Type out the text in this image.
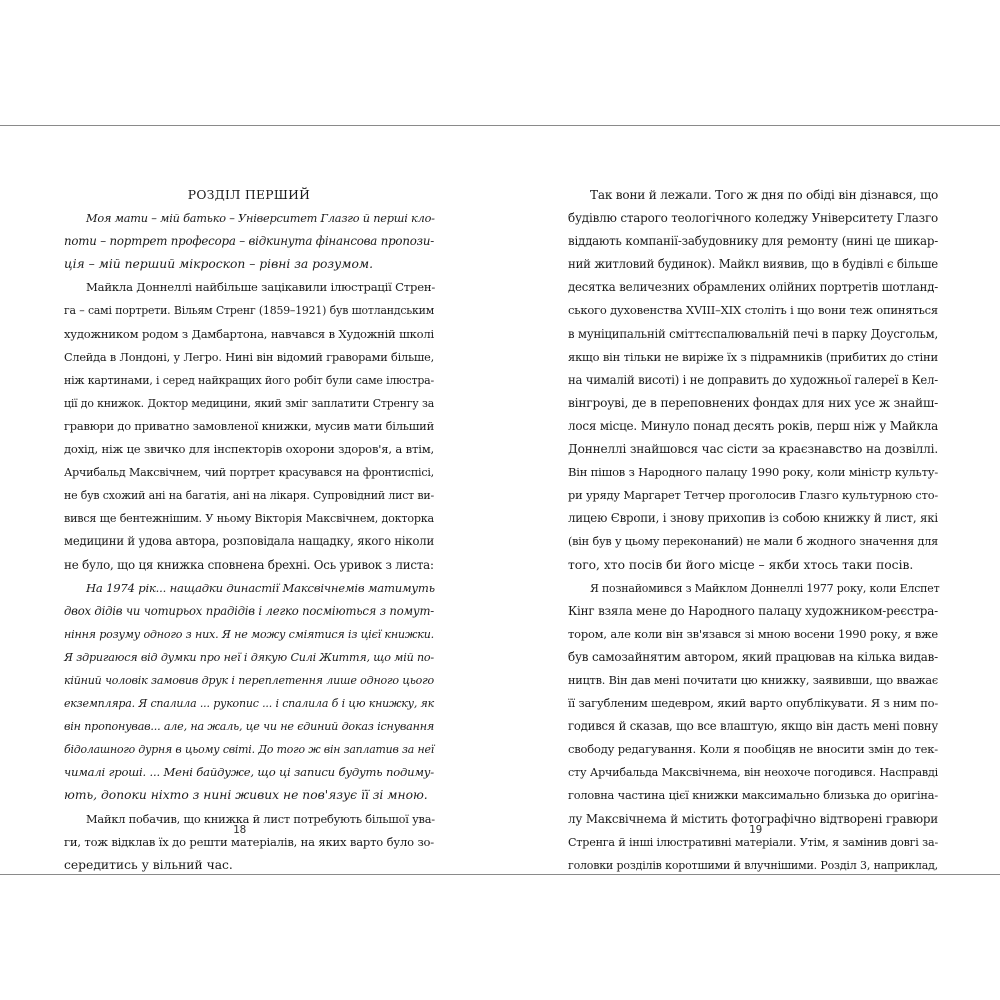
РОЗДІЛ ПЕРШИЙ
Моя мати – мій батько – Університет Глазго й перші кло-
поти – портрет професора – відкинута фінансова пропози-
ція – мій перший мікроскоп – рівні за розумом.
Майкла Доннеллі найбільше зацікавили ілюстрації Стрен-
га – самі портрети. Вільям Стренг (1859–1921) був шотландським
художником родом з Дамбартона, навчався в Художній школі
Слейда в Лондоні, у Легро. Нині він відомий граворами більше,
ніж картинами, і серед найкращих його робіт були саме ілюстра-
ції до книжок. Доктор медицини, який зміг заплатити Стренгу за
гравюри до приватно замовленої книжки, мусив мати більший
дохід, ніж це звичко для інспекторів охорони здоров'я, а втім,
Арчибальд Максвічнем, чий портрет красувався на фронтиспісі,
не був схожий ані на багатія, ані на лікаря. Супровідний лист ви-
вився ще бентежнішим. У ньому Вікторія Максвічнем, докторка
медицини й удова автора, розповідала нащадку, якого ніколи
не було, що ця книжка сповнена брехні. Ось уривок з листа:
На 1974 рік... нащадки династії Максвічнемів матимуть
двох дідів чи чотирьох прадідів і легко посміються з помут-
ніння розуму одного з них. Я не можу сміятися із цієї книжки.
Я здригаюся від думки про неї і дякую Силі Життя, що мій по-
кійний чоловік замовив друк і переплетення лише одного цього
екземпляра. Я спалила ... рукопис ... і спалила б і цю книжку, як
він пропонував... але, на жаль, це чи не єдиний доказ існування
бідолашного дурня в цьому світі. До того ж він заплатив за неї
чималі гроші. ... Мені байдуже, що ці записи будуть подиму-
ють, допоки ніхто з нині живих не пов'язує її зі мною.
Майкл побачив, що книжка й лист потребують більшої ува-
ги, тож відклав їх до решти матеріалів, на яких варто було зо-
середитись у вільний час.
18
Так вони й лежали. Того ж дня по обіді він дізнався, що
будівлю старого теологічного коледжу Університету Глазго
віддають компанії-забудовнику для ремонту (нині це шикар-
ний житловий будинок). Майкл виявив, що в будівлі є більше
десятка величезних обрамлених олійних портретів шотланд-
ського духовенства XVIII–XIX століть і що вони теж опиняться
в муніципальній сміттєспалювальній печі в парку Доусгольм,
якщо він тільки не виріже їх з підрамників (прибитих до стіни
на чималій висоті) і не доправить до художньої галереї в Кел-
вінгроуві, де в переповнених фондах для них усе ж знайш-
лося місце. Минуло понад десять років, перш ніж у Майкла
Доннеллі знайшовся час сісти за краєзнавство на дозвіллі.
Він пішов з Народного палацу 1990 року, коли міністр культу-
ри уряду Маргарет Тетчер проголосив Глазго культурною сто-
лицею Європи, і знову прихопив із собою книжку й лист, які
(він був у цьому переконаний) не мали б жодного значення для
того, хто посів би його місце – якби хтось таки посів.
Я познайомився з Майклом Доннеллі 1977 року, коли Елспет
Кінг взяла мене до Народного палацу художником-реєстра-
тором, але коли він зв'язався зі мною восени 1990 року, я вже
був самозайнятим автором, який працював на кілька видав-
ництв. Він дав мені почитати цю книжку, заявивши, що вважає
її загубленим шедевром, який варто опублікувати. Я з ним по-
годився й сказав, що все влаштую, якщо він дасть мені повну
свободу редагування. Коли я пообіцяв не вносити змін до тек-
сту Арчибальда Максвічнема, він неохоче погодився. Насправді
головна частина цієї книжки максимально близька до оригіна-
лу Максвічнема й містить фотографічно відтворені гравюри
Стренга й інші ілюстративні матеріали. Утім, я замінив довгі за-
головки розділів коротшими й влучнішими. Розділ 3, наприклад,
19
